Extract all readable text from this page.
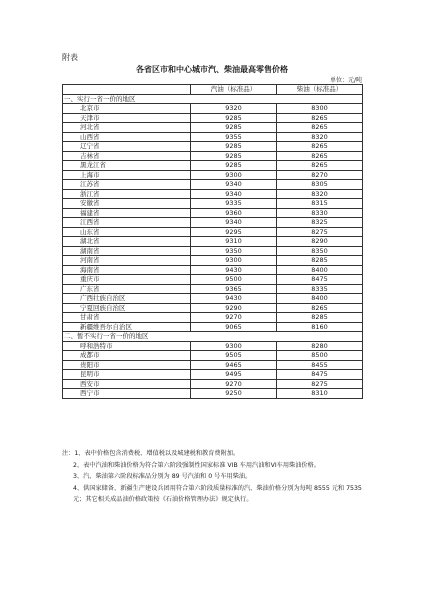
附表
各省区市和中心城市汽、柴油最高零售价格
单位：元/吨
	汽油（标准品）	柴油（标准品）
一、实行一省一价的地区		
北京市	9320	8300
天津市	9285	8265
河北省	9285	8265
山西省	9355	8320
辽宁省	9285	8265
吉林省	9285	8265
黑龙江省	9285	8265
上海市	9300	8270
江苏省	9340	8305
浙江省	9340	8320
安徽省	9335	8315
福建省	9360	8330
江西省	9340	8325
山东省	9295	8275
湖北省	9310	8290
湖南省	9350	8350
河南省	9300	8285
海南省	9430	8400
重庆市	9500	8475
广东省	9365	8335
广西壮族自治区	9430	8400
宁夏回族自治区	9290	8265
甘肃省	9270	8285
新疆维吾尔自治区	9065	8160
二、暂不实行一省一价的地区		
呼和浩特市	9300	8280
成都市	9505	8500
贵阳市	9465	8455
昆明市	9495	8475
西安市	9270	8275
西宁市	9250	8310

注：1、表中价格包含消费税、增值税以及城建税和教育费附加。

2、表中汽油和柴油价格为符合第六阶段强制性国家标准 VIB 车用汽油和VI车用柴油价格。

3、汽、柴油第六阶段标准品分别为 89 号汽油和 0 号车用柴油。

4、供国家储备、新疆生产建设兵团用符合第六阶段质量标准的汽、柴油价格分别为每吨 8555 元和 7535 元；其它相关成品油价格政策按《石油价格管理办法》规定执行。
